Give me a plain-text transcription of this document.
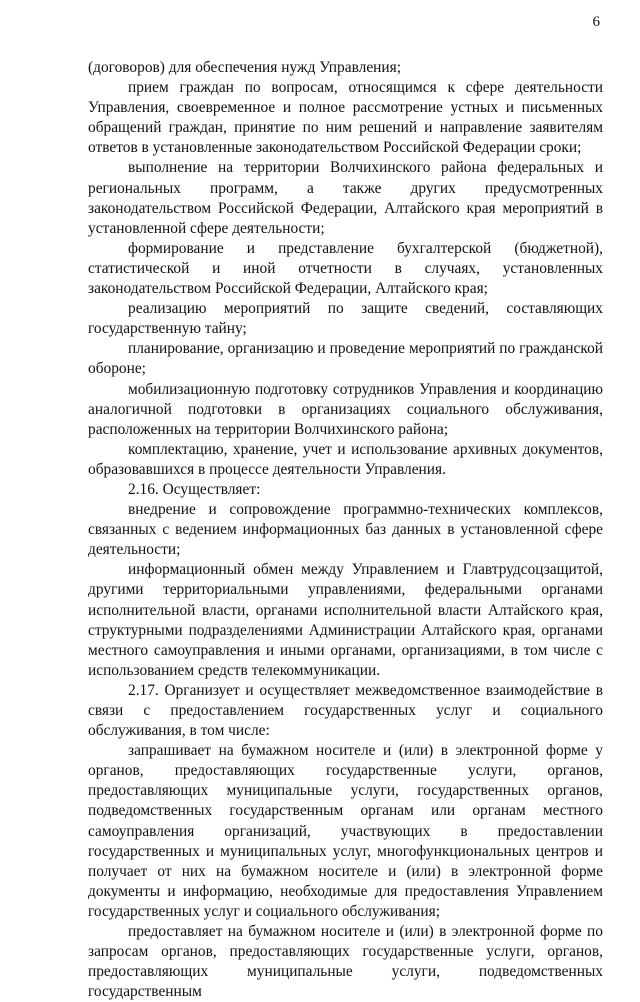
6

(договоров) для обеспечения нужд Управления;

прием граждан по вопросам, относящимся к сфере деятельности Управления, своевременное и полное рассмотрение устных и письменных обращений граждан, принятие по ним решений и направление заявителям ответов в установленные законодательством Российской Федерации сроки;

выполнение на территории Волчихинского района федеральных и региональных программ, а также других предусмотренных законодательством Российской Федерации, Алтайского края мероприятий в установленной сфере деятельности;

формирование и представление бухгалтерской (бюджетной), статистической и иной отчетности в случаях, установленных законодательством Российской Федерации, Алтайского края;

реализацию мероприятий по защите сведений, составляющих государственную тайну;

планирование, организацию и проведение мероприятий по гражданской обороне;

мобилизационную подготовку сотрудников Управления и координацию аналогичной подготовки в организациях социального обслуживания, расположенных на территории Волчихинского района;

комплектацию, хранение, учет и использование архивных документов, образовавшихся в процессе деятельности Управления.

2.16. Осуществляет:

внедрение и сопровождение программно-технических комплексов, связанных с ведением информационных баз данных в установленной сфере деятельности;

информационный обмен между Управлением и Главтрудсоцзащитой, другими территориальными управлениями, федеральными органами исполнительной власти, органами исполнительной власти Алтайского края, структурными подразделениями Администрации Алтайского края, органами местного самоуправления и иными органами, организациями, в том числе с использованием средств телекоммуникации.

2.17. Организует и осуществляет межведомственное взаимодействие в связи с предоставлением государственных услуг и социального обслуживания, в том числе:

запрашивает на бумажном носителе и (или) в электронной форме у органов, предоставляющих государственные услуги, органов, предоставляющих муниципальные услуги, государственных органов, подведомственных государственным органам или органам местного самоуправления организаций, участвующих в предоставлении государственных и муниципальных услуг, многофункциональных центров и получает от них на бумажном носителе и (или) в электронной форме документы и информацию, необходимые для предоставления Управлением государственных услуг и социального обслуживания;

предоставляет на бумажном носителе и (или) в электронной форме по запросам органов, предоставляющих государственные услуги, органов, предоставляющих муниципальные услуги, подведомственных государственным
